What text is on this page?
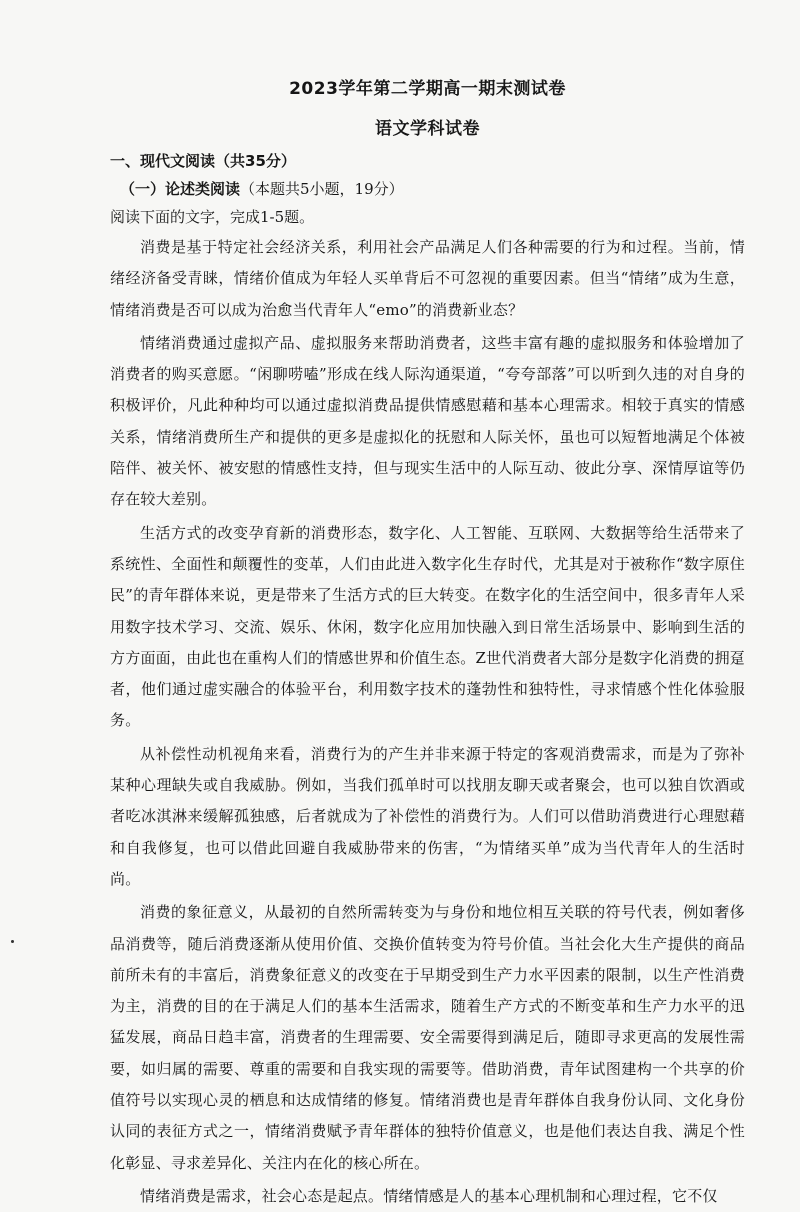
2023学年第二学期高一期末测试卷
语文学科试卷
一、现代文阅读（共35分）
（一）论述类阅读（本题共5小题，19分）
阅读下面的文字，完成1-5题。

消费是基于特定社会经济关系，利用社会产品满足人们各种需要的行为和过程。当前，情绪经济备受青睐，情绪价值成为年轻人买单背后不可忽视的重要因素。但当“情绪”成为生意，情绪消费是否可以成为治愈当代青年人“emo”的消费新业态？

情绪消费通过虚拟产品、虚拟服务来帮助消费者，这些丰富有趣的虚拟服务和体验增加了消费者的购买意愿。“闲聊唠嗑”形成在线人际沟通渠道，“夸夸部落”可以听到久违的对自身的积极评价，凡此种种均可以通过虚拟消费品提供情感慰藉和基本心理需求。相较于真实的情感关系，情绪消费所生产和提供的更多是虚拟化的抚慰和人际关怀，虽也可以短暂地满足个体被陪伴、被关怀、被安慰的情感性支持，但与现实生活中的人际互动、彼此分享、深情厚谊等仍存在较大差别。

生活方式的改变孕育新的消费形态，数字化、人工智能、互联网、大数据等给生活带来了系统性、全面性和颠覆性的变革，人们由此进入数字化生存时代，尤其是对于被称作“数字原住民”的青年群体来说，更是带来了生活方式的巨大转变。在数字化的生活空间中，很多青年人采用数字技术学习、交流、娱乐、休闲，数字化应用加快融入到日常生活场景中、影响到生活的方方面面，由此也在重构人们的情感世界和价值生态。Z世代消费者大部分是数字化消费的拥趸者，他们通过虚实融合的体验平台，利用数字技术的蓬勃性和独特性，寻求情感个性化体验服务。

从补偿性动机视角来看，消费行为的产生并非来源于特定的客观消费需求，而是为了弥补某种心理缺失或自我威胁。例如，当我们孤单时可以找朋友聊天或者聚会，也可以独自饮酒或者吃冰淇淋来缓解孤独感，后者就成为了补偿性的消费行为。人们可以借助消费进行心理慰藉和自我修复，也可以借此回避自我威胁带来的伤害，“为情绪买单”成为当代青年人的生活时尚。

消费的象征意义，从最初的自然所需转变为与身份和地位相互关联的符号代表，例如奢侈品消费等，随后消费逐渐从使用价值、交换价值转变为符号价值。当社会化大生产提供的商品前所未有的丰富后，消费象征意义的改变在于早期受到生产力水平因素的限制，以生产性消费为主，消费的目的在于满足人们的基本生活需求，随着生产方式的不断变革和生产力水平的迅猛发展，商品日趋丰富，消费者的生理需要、安全需要得到满足后，随即寻求更高的发展性需要，如归属的需要、尊重的需要和自我实现的需要等。借助消费，青年试图建构一个共享的价值符号以实现心灵的栖息和达成情绪的修复。情绪消费也是青年群体自我身份认同、文化身份认同的表征方式之一，情绪消费赋予青年群体的独特价值意义，也是他们表达自我、满足个性化彰显、寻求差异化、关注内在化的核心所在。

情绪消费是需求，社会心态是起点。情绪情感是人的基本心理机制和心理过程，它不仅
